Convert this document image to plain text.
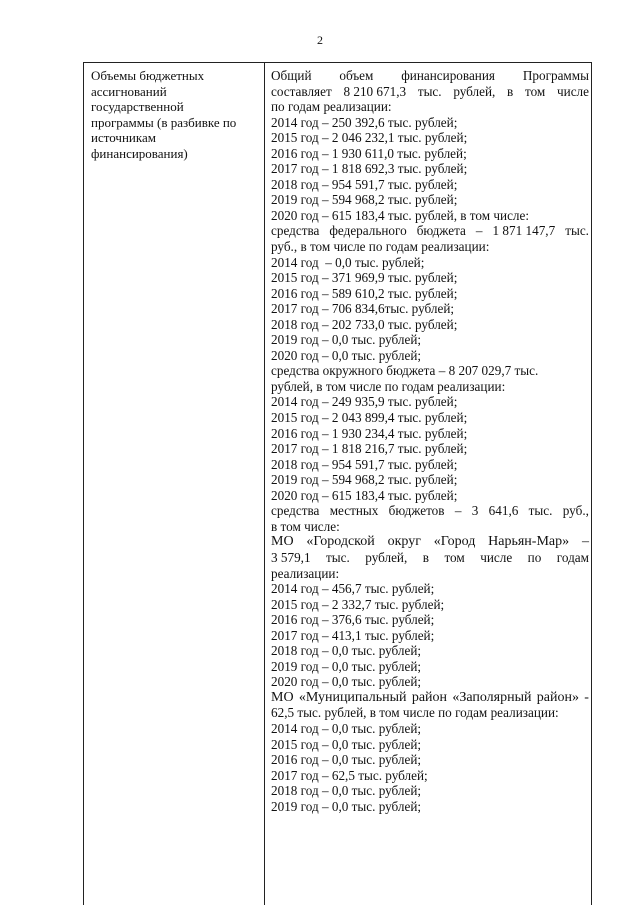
2
Объемы бюджетных
ассигнований
государственной
программы (в разбивке по
источникам
финансирования)
Общий объем финансирования Программы
составляет 8 210 671,3 тыс. рублей, в том числе
по годам реализации:
2014 год – 250 392,6 тыс. рублей;
2015 год – 2 046 232,1 тыс. рублей;
2016 год – 1 930 611,0 тыс. рублей;
2017 год – 1 818 692,3 тыс. рублей;
2018 год – 954 591,7 тыс. рублей;
2019 год – 594 968,2 тыс. рублей;
2020 год – 615 183,4 тыс. рублей, в том числе:
средства федерального бюджета – 1 871 147,7 тыс.
руб., в том числе по годам реализации:
2014 год  – 0,0 тыс. рублей;
2015 год – 371 969,9 тыс. рублей;
2016 год – 589 610,2 тыс. рублей;
2017 год – 706 834,6тыс. рублей;
2018 год – 202 733,0 тыс. рублей;
2019 год – 0,0 тыс. рублей;
2020 год – 0,0 тыс. рублей;
средства окружного бюджета – 8 207 029,7 тыс.
рублей, в том числе по годам реализации:
2014 год – 249 935,9 тыс. рублей;
2015 год – 2 043 899,4 тыс. рублей;
2016 год – 1 930 234,4 тыс. рублей;
2017 год – 1 818 216,7 тыс. рублей;
2018 год – 954 591,7 тыс. рублей;
2019 год – 594 968,2 тыс. рублей;
2020 год – 615 183,4 тыс. рублей;
средства местных бюджетов – 3 641,6 тыс. руб.,
в том числе:
МО «Городской округ «Город Нарьян-Мар» –
3 579,1 тыс. рублей, в том числе по годам
реализации:
2014 год – 456,7 тыс. рублей;
2015 год – 2 332,7 тыс. рублей;
2016 год – 376,6 тыс. рублей;
2017 год – 413,1 тыс. рублей;
2018 год – 0,0 тыс. рублей;
2019 год – 0,0 тыс. рублей;
2020 год – 0,0 тыс. рублей;
МО «Муниципальный район «Заполярный район» -
62,5 тыс. рублей, в том числе по годам реализации:
2014 год – 0,0 тыс. рублей;
2015 год – 0,0 тыс. рублей;
2016 год – 0,0 тыс. рублей;
2017 год – 62,5 тыс. рублей;
2018 год – 0,0 тыс. рублей;
2019 год – 0,0 тыс. рублей;
